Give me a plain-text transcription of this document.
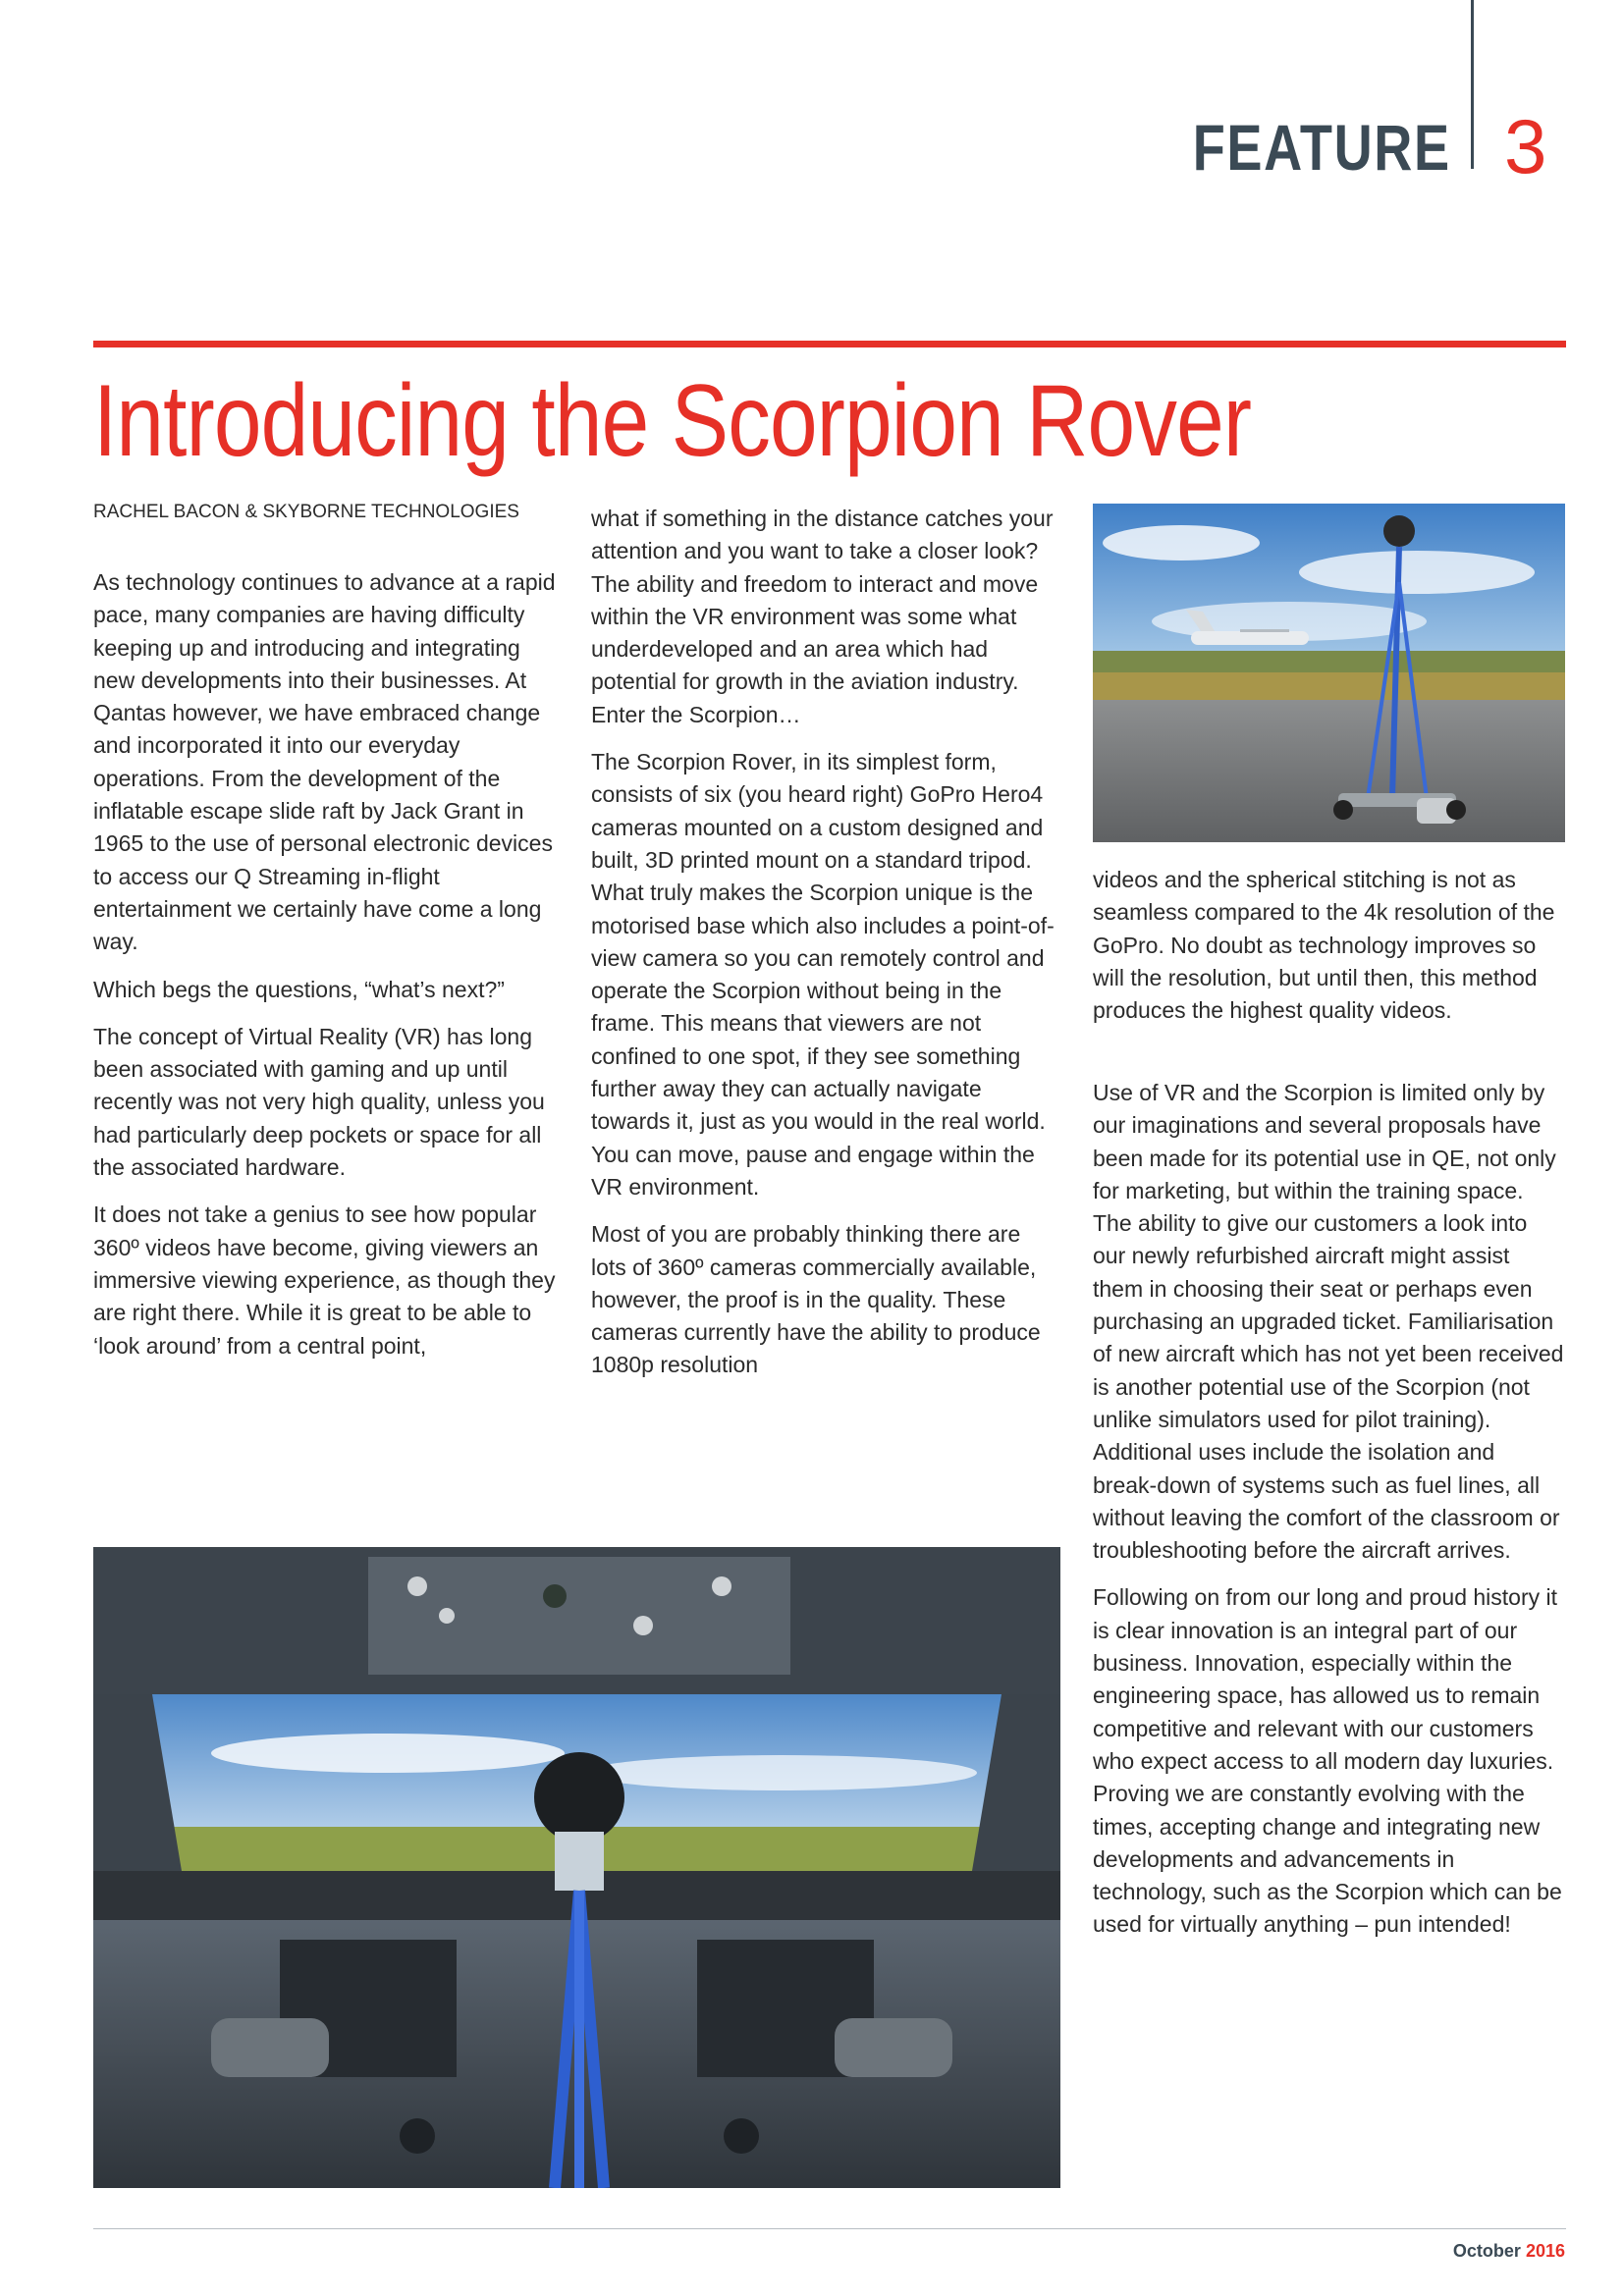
FEATURE 3
Introducing the Scorpion Rover
RACHEL BACON & SKYBORNE TECHNOLOGIES

As technology continues to advance at a rapid pace, many companies are having difficulty keeping up and introducing and integrating new developments into their businesses. At Qantas however, we have embraced change and incorporated it into our everyday operations. From the development of the inflatable escape slide raft by Jack Grant in 1965 to the use of personal electronic devices to access our Q Streaming in-flight entertainment we certainly have come a long way.

Which begs the questions, “what’s next?”

The concept of Virtual Reality (VR) has long been associated with gaming and up until recently was not very high quality, unless you had particularly deep pockets or space for all the associated hardware.

It does not take a genius to see how popular 360º videos have become, giving viewers an immersive viewing experience, as though they are right there. While it is great to be able to ‘look around’ from a central point,

what if something in the distance catches your attention and you want to take a closer look? The ability and freedom to interact and move within the VR environment was some what underdeveloped and an area which had potential for growth in the aviation industry. Enter the Scorpion…

The Scorpion Rover, in its simplest form, consists of six (you heard right) GoPro Hero4 cameras mounted on a custom designed and built, 3D printed mount on a standard tripod. What truly makes the Scorpion unique is the motorised base which also includes a point-of-view camera so you can remotely control and operate the Scorpion without being in the frame. This means that viewers are not confined to one spot, if they see something further away they can actually navigate towards it, just as you would in the real world. You can move, pause and engage within the VR environment.

Most of you are probably thinking there are lots of 360º cameras commercially available, however, the proof is in the quality. These cameras currently have the ability to produce 1080p resolution

videos and the spherical stitching is not as seamless compared to the 4k resolution of the GoPro. No doubt as technology improves so will the resolution, but until then, this method produces the highest quality videos.

Use of VR and the Scorpion is limited only by our imaginations and several proposals have been made for its potential use in QE, not only for marketing, but within the training space. The ability to give our customers a look into our newly refurbished aircraft might assist them in choosing their seat or perhaps even purchasing an upgraded ticket. Familiarisation of new aircraft which has not yet been received is another potential use of the Scorpion (not unlike simulators used for pilot training). Additional uses include the isolation and break-down of systems such as fuel lines, all without leaving the comfort of the classroom or troubleshooting before the aircraft arrives.

Following on from our long and proud history it is clear innovation is an integral part of our business. Innovation, especially within the engineering space, has allowed us to remain competitive and relevant with our customers who expect access to all modern day luxuries. Proving we are constantly evolving with the times, accepting change and integrating new developments and advancements in technology, such as the Scorpion which can be used for virtually anything – pun intended!

October 2016
